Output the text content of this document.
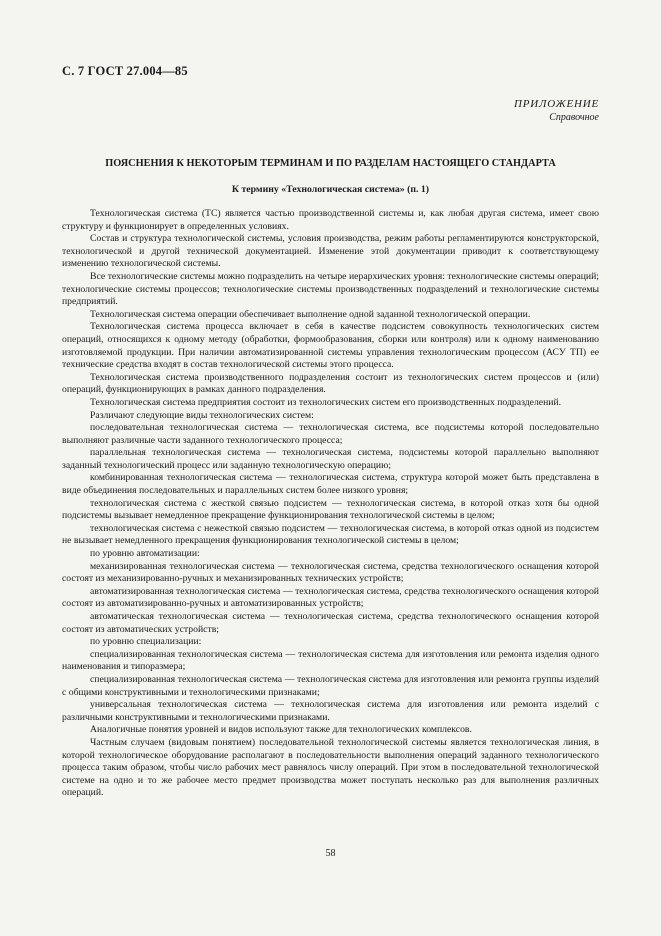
С. 7 ГОСТ 27.004—85
ПРИЛОЖЕНИЕ
Справочное
ПОЯСНЕНИЯ К НЕКОТОРЫМ ТЕРМИНАМ И ПО РАЗДЕЛАМ НАСТОЯЩЕГО СТАНДАРТА
К термину «Технологическая система» (п. 1)

Технологическая система (ТС) является частью производственной системы и, как любая другая система, имеет свою структуру и функционирует в определенных условиях.

Состав и структура технологической системы, условия производства, режим работы регламентируются конструкторской, технологической и другой технической документацией. Изменение этой документации приводит к соответствующему изменению технологической системы.

Все технологические системы можно подразделить на четыре иерархических уровня: технологические системы операций; технологические системы процессов; технологические системы производственных подразделений и технологические системы предприятий.

Технологическая система операции обеспечивает выполнение одной заданной технологической операции.

Технологическая система процесса включает в себя в качестве подсистем совокупность технологических систем операций, относящихся к одному методу (обработки, формообразования, сборки или контроля) или к одному наименованию изготовляемой продукции. При наличии автоматизированной системы управления технологическим процессом (АСУ ТП) ее технические средства входят в состав технологической системы этого процесса.

Технологическая система производственного подразделения состоит из технологических систем процессов и (или) операций, функционирующих в рамках данного подразделения.

Технологическая система предприятия состоит из технологических систем его производственных подразделений.

Различают следующие виды технологических систем:

последовательная технологическая система — технологическая система, все подсистемы которой последовательно выполняют различные части заданного технологического процесса;

параллельная технологическая система — технологическая система, подсистемы которой параллельно выполняют заданный технологический процесс или заданную технологическую операцию;

комбинированная технологическая система — технологическая система, структура которой может быть представлена в виде объединения последовательных и параллельных систем более низкого уровня;

технологическая система с жесткой связью подсистем — технологическая система, в которой отказ хотя бы одной подсистемы вызывает немедленное прекращение функционирования технологической системы в целом;

технологическая система с нежесткой связью подсистем — технологическая система, в которой отказ одной из подсистем не вызывает немедленного прекращения функционирования технологической системы в целом;

по уровню автоматизации:

механизированная технологическая система — технологическая система, средства технологического оснащения которой состоят из механизированно-ручных и механизированных технических устройств;

автоматизированная технологическая система — технологическая система, средства технологического оснащения которой состоят из автоматизированно-ручных и автоматизированных устройств;

автоматическая технологическая система — технологическая система, средства технологического оснащения которой состоят из автоматических устройств;

по уровню специализации:

специализированная технологическая система — технологическая система для изготовления или ремонта изделия одного наименования и типоразмера;

специализированная технологическая система — технологическая система для изготовления или ремонта группы изделий с общими конструктивными и технологическими признаками;

универсальная технологическая система — технологическая система для изготовления или ремонта изделий с различными конструктивными и технологическими признаками.

Аналогичные понятия уровней и видов используют также для технологических комплексов.

Частным случаем (видовым понятием) последовательной технологической системы является технологическая линия, в которой технологическое оборудование располагают в последовательности выполнения операций заданного технологического процесса таким образом, чтобы число рабочих мест равнялось числу операций. При этом в последовательной технологической системе на одно и то же рабочее место предмет производства может поступать несколько раз для выполнения различных операций.

58
